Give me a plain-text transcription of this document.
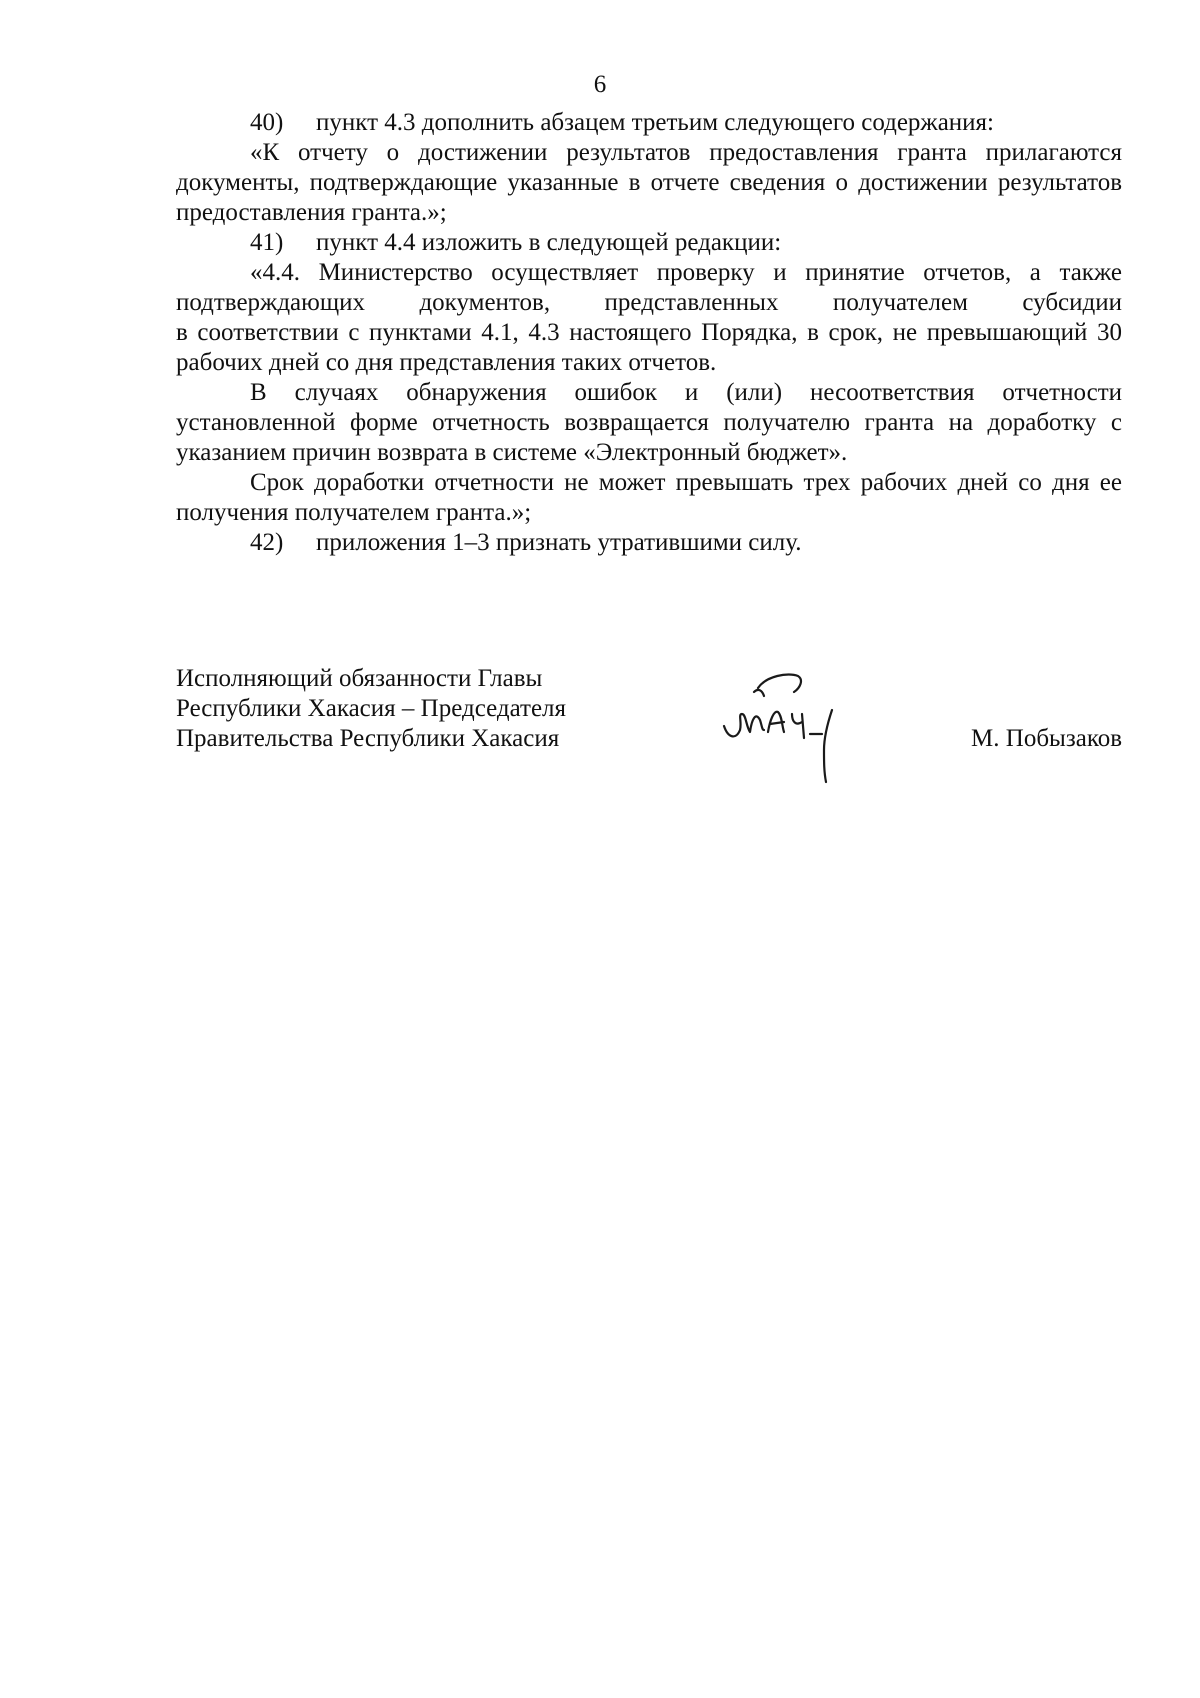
6

40) пункт 4.3 дополнить абзацем третьим следующего содержания:

«К отчету о достижении результатов предоставления гранта прилагаются документы, подтверждающие указанные в отчете сведения о достижении результатов предоставления гранта.»;

41) пункт 4.4 изложить в следующей редакции:

«4.4. Министерство осуществляет проверку и принятие отчетов, а также подтверждающих документов, представленных получателем субсидии

в соответствии с пунктами 4.1, 4.3 настоящего Порядка, в срок, не превышающий 30 рабочих дней со дня представления таких отчетов.

В случаях обнаружения ошибок и (или) несоответствия отчетности установленной форме отчетность возвращается получателю гранта на доработку с указанием причин возврата в системе «Электронный бюджет».

Срок доработки отчетности не может превышать трех рабочих дней со дня ее получения получателем гранта.»;

42) приложения 1–3 признать утратившими силу.

Исполняющий обязанности Главы
Республики Хакасия – Председателя
Правительства Республики Хакасия	М. Побызаков
